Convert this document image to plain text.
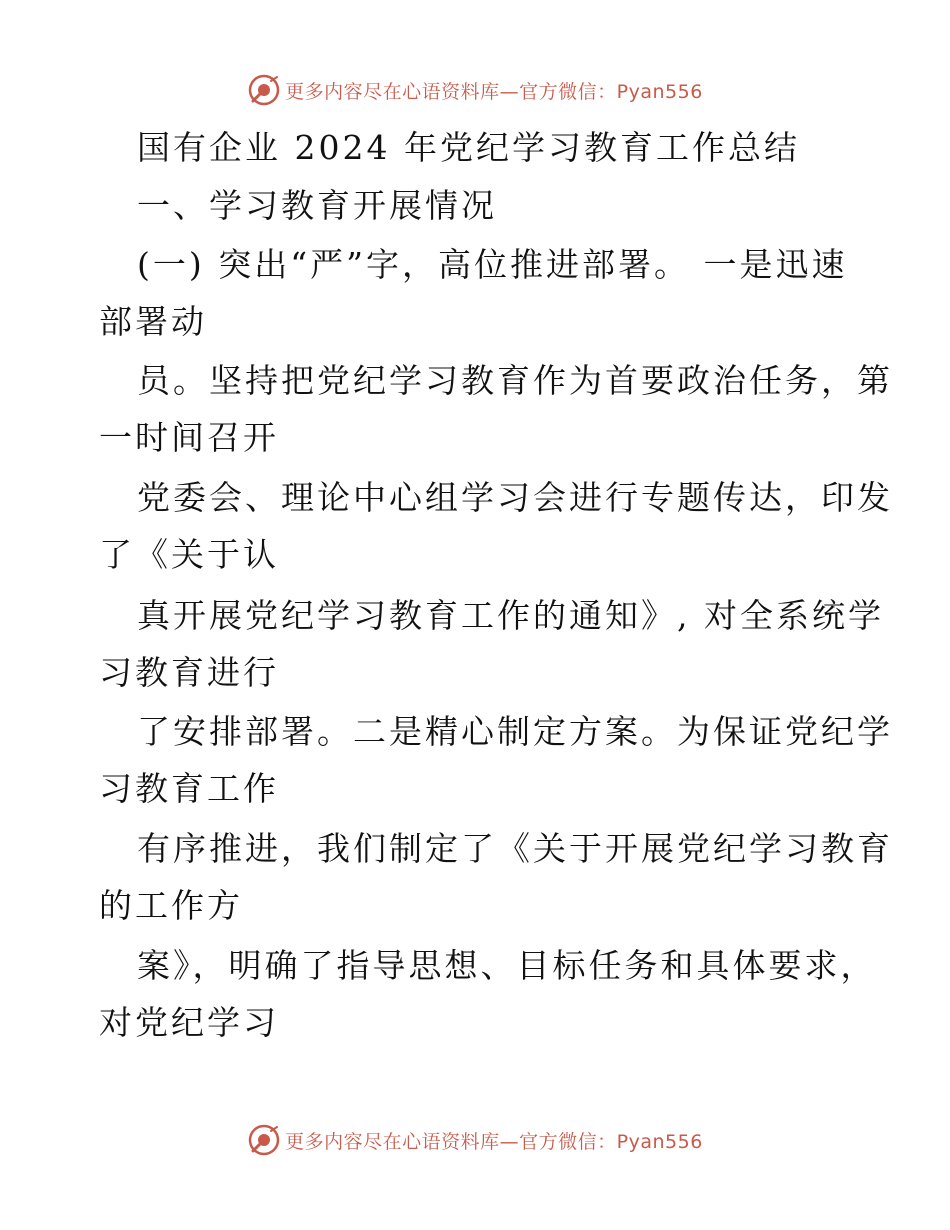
更多内容尽在心语资料库—官方微信：Pyan556
国有企业 2024 年党纪学习教育工作总结
一、学习教育开展情况
(一) 突出“严”字，高位推进部署。 一是迅速
部署动
员。坚持把党纪学习教育作为首要政治任务，第
一时间召开
党委会、理论中心组学习会进行专题传达，印发
了《关于认
真开展党纪学习教育工作的通知》, 对全系统学
习教育进行
了安排部署。二是精心制定方案。为保证党纪学
习教育工作
有序推进，我们制定了《关于开展党纪学习教育
的工作方
案》，明确了指导思想、目标任务和具体要求，
对党纪学习
更多内容尽在心语资料库—官方微信：Pyan556
